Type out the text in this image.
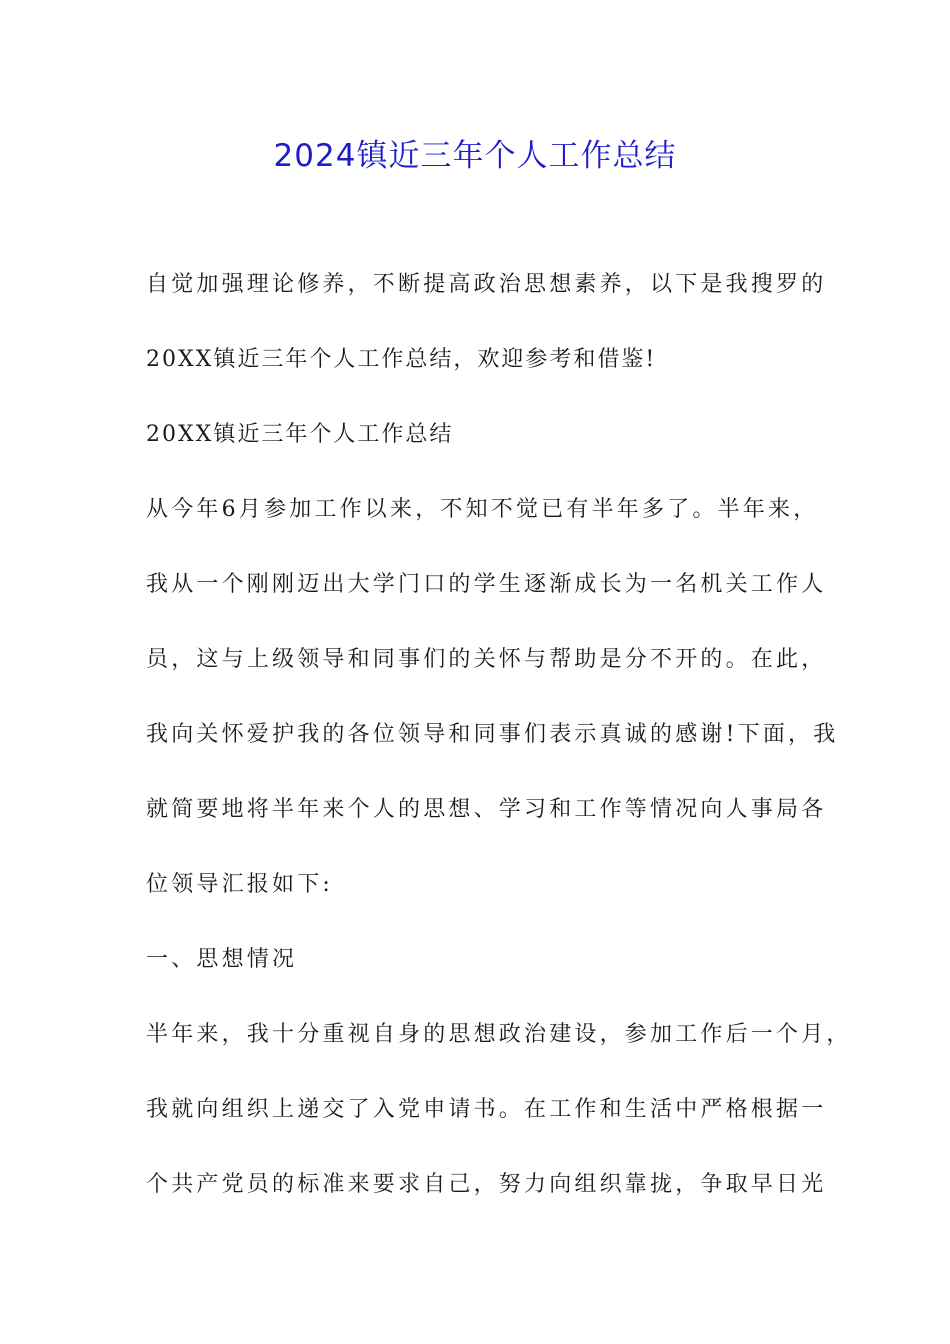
2024镇近三年个人工作总结
自觉加强理论修养，不断提高政治思想素养，以下是我搜罗的
20XX镇近三年个人工作总结，欢迎参考和借鉴!
20XX镇近三年个人工作总结
从今年6月参加工作以来，不知不觉已有半年多了。半年来，
我从一个刚刚迈出大学门口的学生逐渐成长为一名机关工作人
员，这与上级领导和同事们的关怀与帮助是分不开的。在此，
我向关怀爱护我的各位领导和同事们表示真诚的感谢!下面，我
就简要地将半年来个人的思想、学习和工作等情况向人事局各
位领导汇报如下:
一、思想情况
半年来，我十分重视自身的思想政治建设，参加工作后一个月，
我就向组织上递交了入党申请书。在工作和生活中严格根据一
个共产党员的标准来要求自己，努力向组织靠拢，争取早日光
